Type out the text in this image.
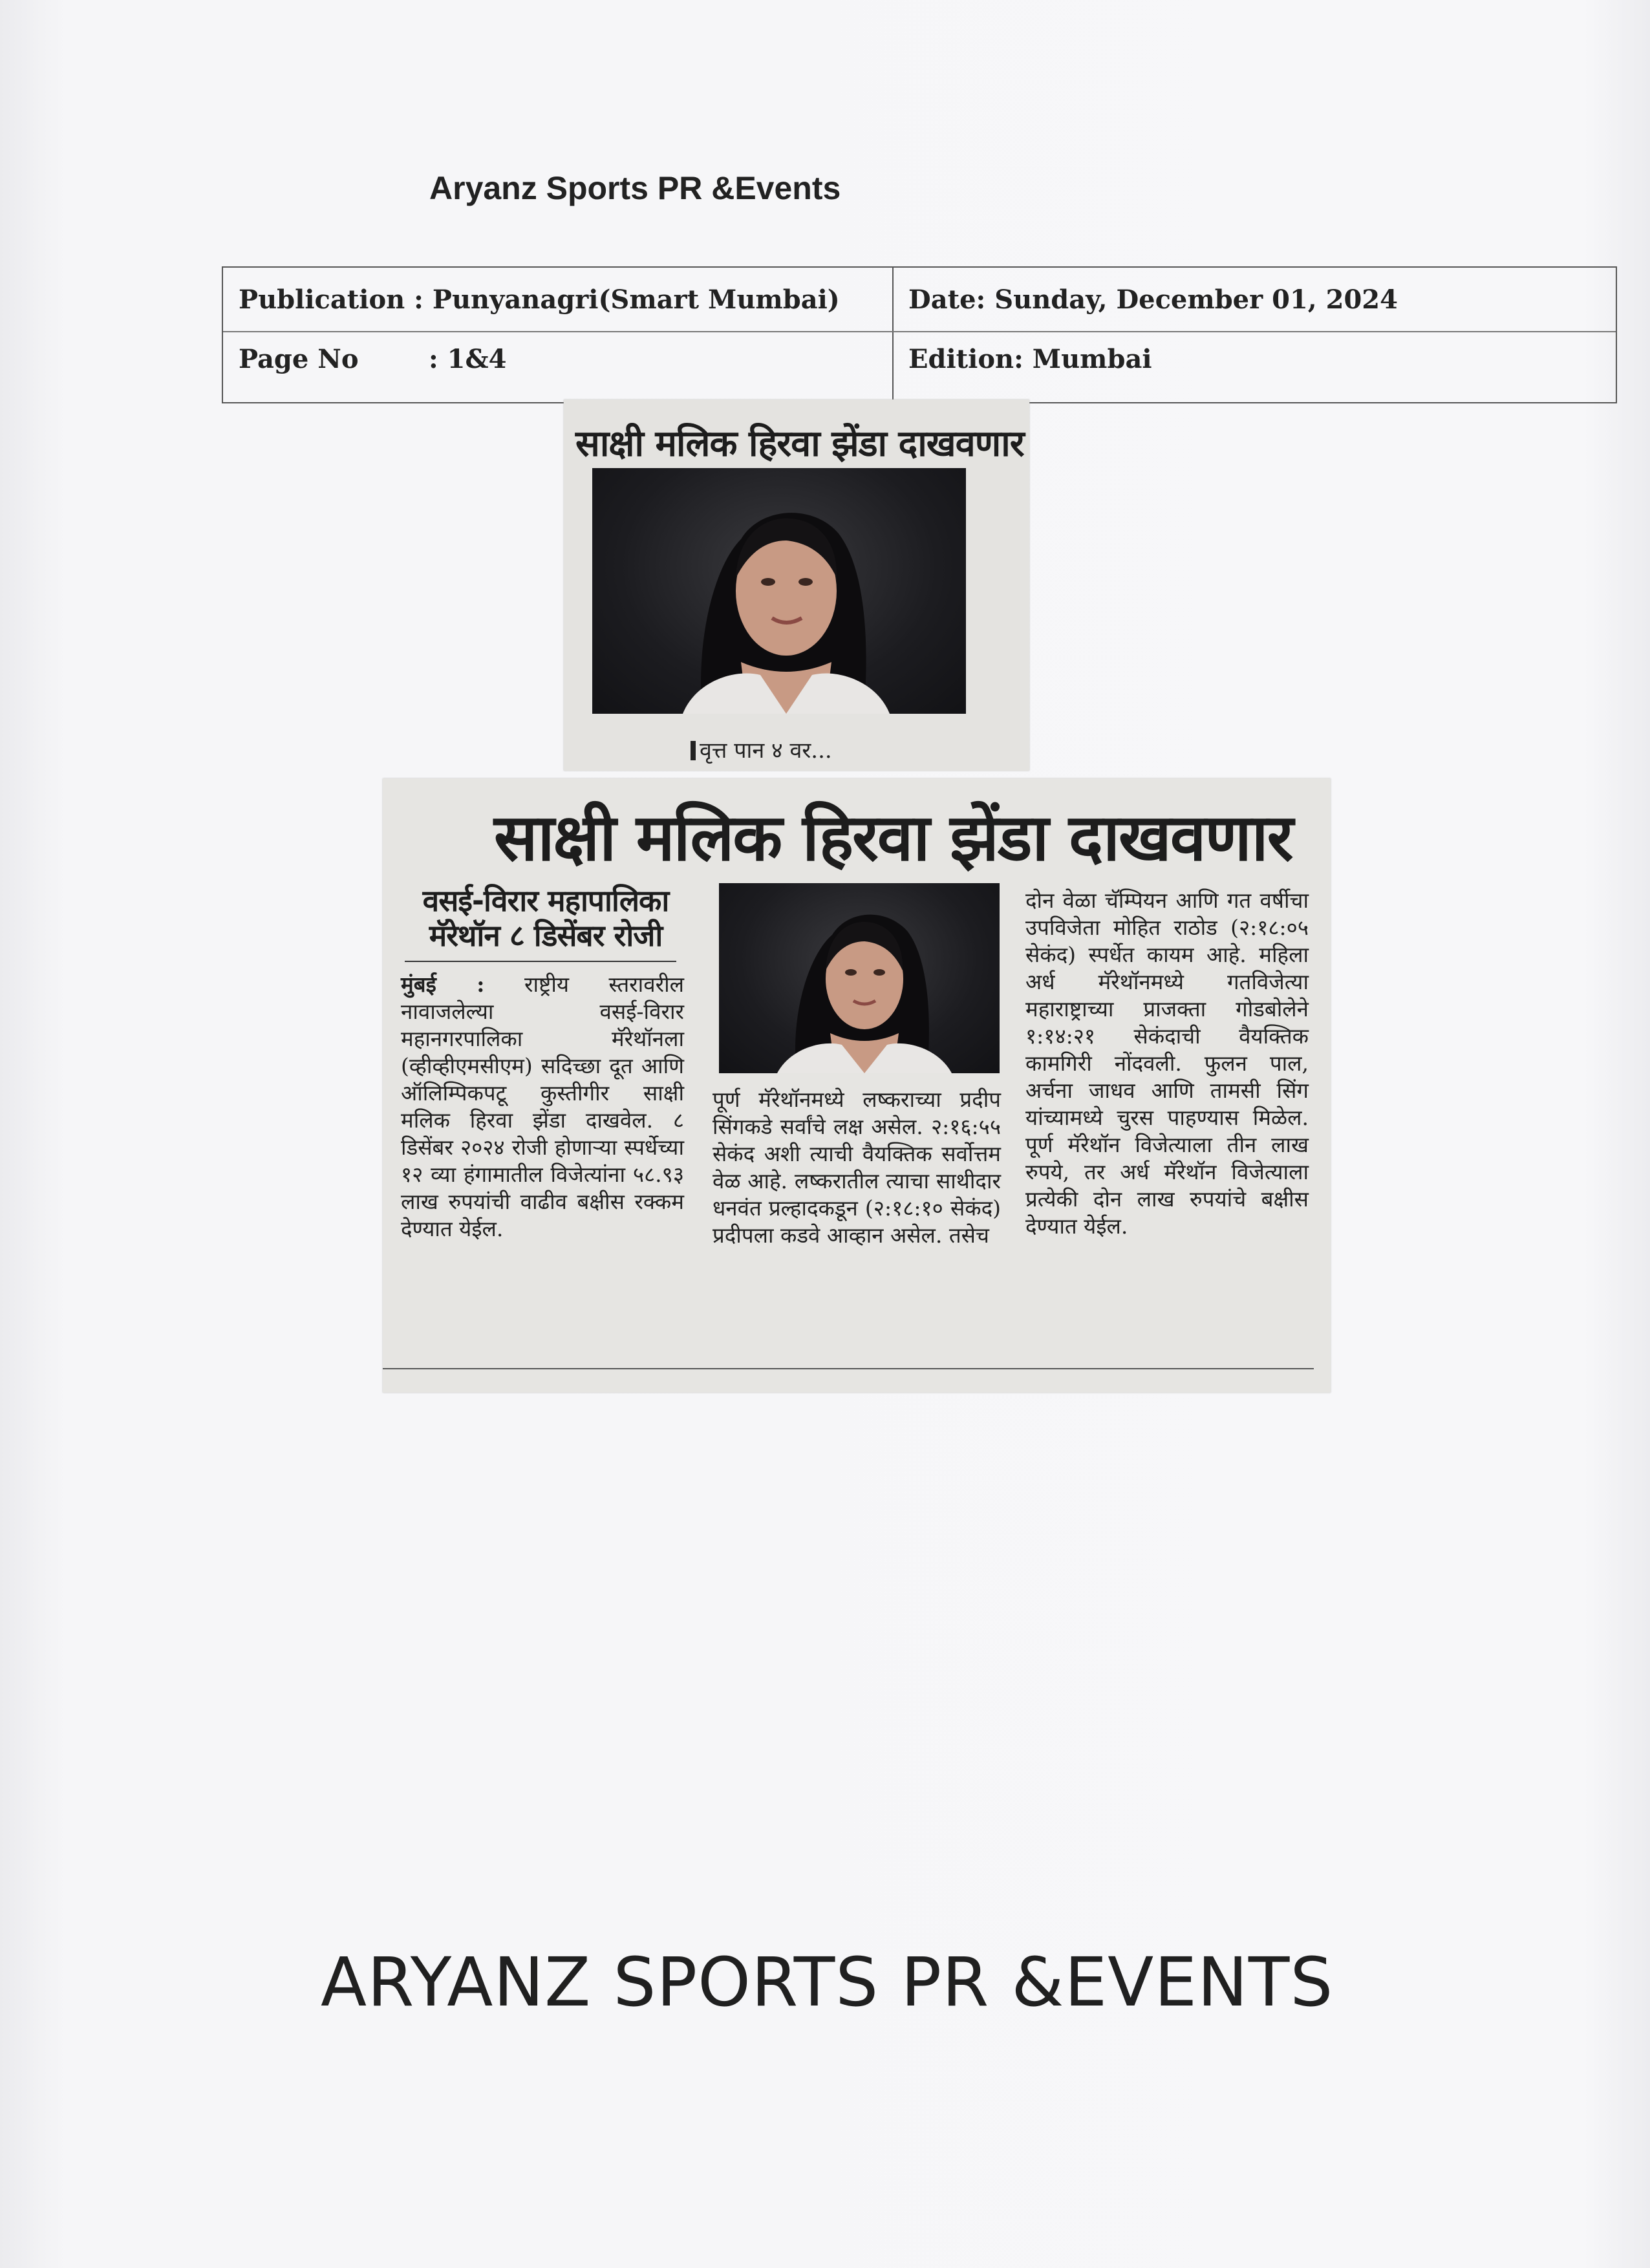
Aryanz Sports PR &Events
Publication : Punyanagri(Smart Mumbai)	Date: Sunday, December 01, 2024
Page No	: 1&4	Edition: Mumbai
साक्षी मलिक हिरवा झेंडा दाखवणार
वृत्त पान ४ वर...
साक्षी मलिक हिरवा झेंडा दाखवणार
वसई-विरार महापालिका मॅरेथॉन ८ डिसेंबर रोजी
मुंबई : राष्ट्रीय स्तरावरील नावाजलेल्या वसई-विरार महानगरपालिका मॅरेथॉनला (व्हीव्हीएमसीएम) सदिच्छा दूत आणि ऑलिम्पिकपटू कुस्तीगीर साक्षी मलिक हिरवा झेंडा दाखवेल. ८ डिसेंबर २०२४ रोजी होणाऱ्या स्पर्धेच्या १२ व्या हंगामातील विजेत्यांना ५८.९३ लाख रुपयांची वाढीव बक्षीस रक्कम देण्यात येईल.
पूर्ण मॅरेथॉनमध्ये लष्कराच्या प्रदीप सिंगकडे सर्वांचे लक्ष असेल. २:१६:५५ सेकंद अशी त्याची वैयक्तिक सर्वोत्तम वेळ आहे. लष्करातील त्याचा साथीदार धनवंत प्रल्हादकडून (२:१८:१० सेकंद) प्रदीपला कडवे आव्हान असेल. तसेच
दोन वेळा चॅम्पियन आणि गत वर्षीचा उपविजेता मोहित राठोड (२:१८:०५ सेकंद) स्पर्धेत कायम आहे. महिला अर्ध मॅरेथॉनमध्ये गतविजेत्या महाराष्ट्राच्या प्राजक्ता गोडबोलेने १:१४:२१ सेकंदाची वैयक्तिक कामगिरी नोंदवली. फुलन पाल, अर्चना जाधव आणि तामसी सिंग यांच्यामध्ये चुरस पाहण्यास मिळेल. पूर्ण मॅरेथॉन विजेत्याला तीन लाख रुपये, तर अर्ध मॅरेथॉन विजेत्याला प्रत्येकी दोन लाख रुपयांचे बक्षीस देण्यात येईल.
ARYANZ SPORTS PR &EVENTS
